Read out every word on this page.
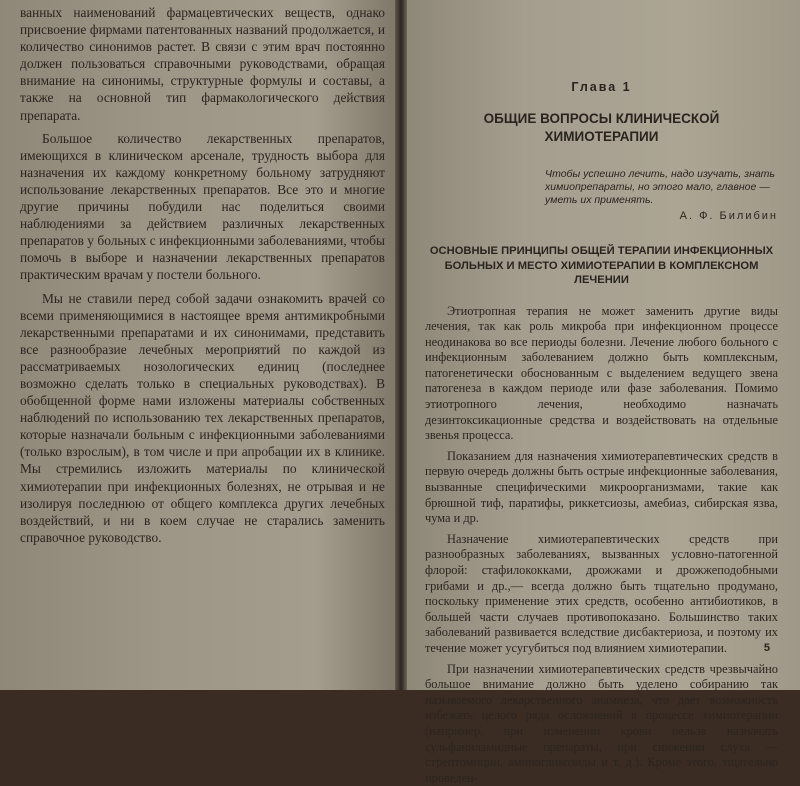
ванных наименований фармацевтических веществ, однако присвоение фирмами патентованных названий продолжается, и количество синонимов растет. В связи с этим врач постоянно должен пользоваться справочными руководствами, обращая внимание на синонимы, структурные формулы и составы, а также на основной тип фармакологического действия препарата.

Большое количество лекарственных препаратов, имеющихся в клиническом арсенале, трудность выбора для назначения их каждому конкретному больному затрудняют использование лекарственных препаратов. Все это и многие другие причины побудили нас поделиться своими наблюдениями за действием различных лекарственных препаратов у больных с инфекционными заболеваниями, чтобы помочь в выборе и назначении лекарственных препаратов практическим врачам у постели больного.

Мы не ставили перед собой задачи ознакомить врачей со всеми применяющимися в настоящее время антимикробными лекарственными препаратами и их синонимами, представить все разнообразие лечебных мероприятий по каждой из рассматриваемых нозологических единиц (последнее возможно сделать только в специальных руководствах). В обобщенной форме нами изложены материалы собственных наблюдений по использованию тех лекарственных препаратов, которые назначали больным с инфекционными заболеваниями (только взрослым), в том числе и при апробации их в клинике. Мы стремились изложить материалы по клинической химиотерапии при инфекционных болезнях, не отрывая и не изолируя последнюю от общего комплекса других лечебных воздействий, и ни в коем случае не старались заменить справочное руководство.

Глава 1
ОБЩИЕ ВОПРОСЫ КЛИНИЧЕСКОЙ ХИМИОТЕРАПИИ
Чтобы успешно лечить, надо изучать, знать химиопрепараты, но этого мало, главное — уметь их применять.
А. Ф. Билибин
ОСНОВНЫЕ ПРИНЦИПЫ ОБЩЕЙ ТЕРАПИИ ИНФЕКЦИОННЫХ БОЛЬНЫХ И МЕСТО ХИМИОТЕРАПИИ В КОМПЛЕКСНОМ ЛЕЧЕНИИ

Этиотропная терапия не может заменить другие виды лечения, так как роль микроба при инфекционном процессе неодинакова во все периоды болезни. Лечение любого больного с инфекционным заболеванием должно быть комплексным, патогенетически обоснованным с выделением ведущего звена патогенеза в каждом периоде или фазе заболевания. Помимо этиотропного лечения, необходимо назначать дезинтоксикационные средства и воздействовать на отдельные звенья процесса.

Показанием для назначения химиотерапевтических средств в первую очередь должны быть острые инфекционные заболевания, вызванные специфическими микроорганизмами, такие как брюшной тиф, паратифы, риккетсиозы, амебиаз, сибирская язва, чума и др.

Назначение химиотерапевтических средств при разнообразных заболеваниях, вызванных условно-патогенной флорой: стафилококками, дрожжами и дрожжеподобными грибами и др.,— всегда должно быть тщательно продумано, поскольку применение этих средств, особенно антибиотиков, в большей части случаев противопоказано. Большинство таких заболеваний развивается вследствие дисбактериоза, и поэтому их течение может усугубиться под влиянием химиотерапии.

При назначении химиотерапевтических средств чрезвычайно большое внимание должно быть уделено собиранию так называемого лекарственного анамнеза, что дает возможность избежать целого ряда осложнений в процессе химиотерапии (например, при изменении крови нельзя назначать сульфаниламидные препараты, при снижении слуха — стрептомицин, аминогликозиды и т. д.). Кроме этого, тщательно проведен-

5
